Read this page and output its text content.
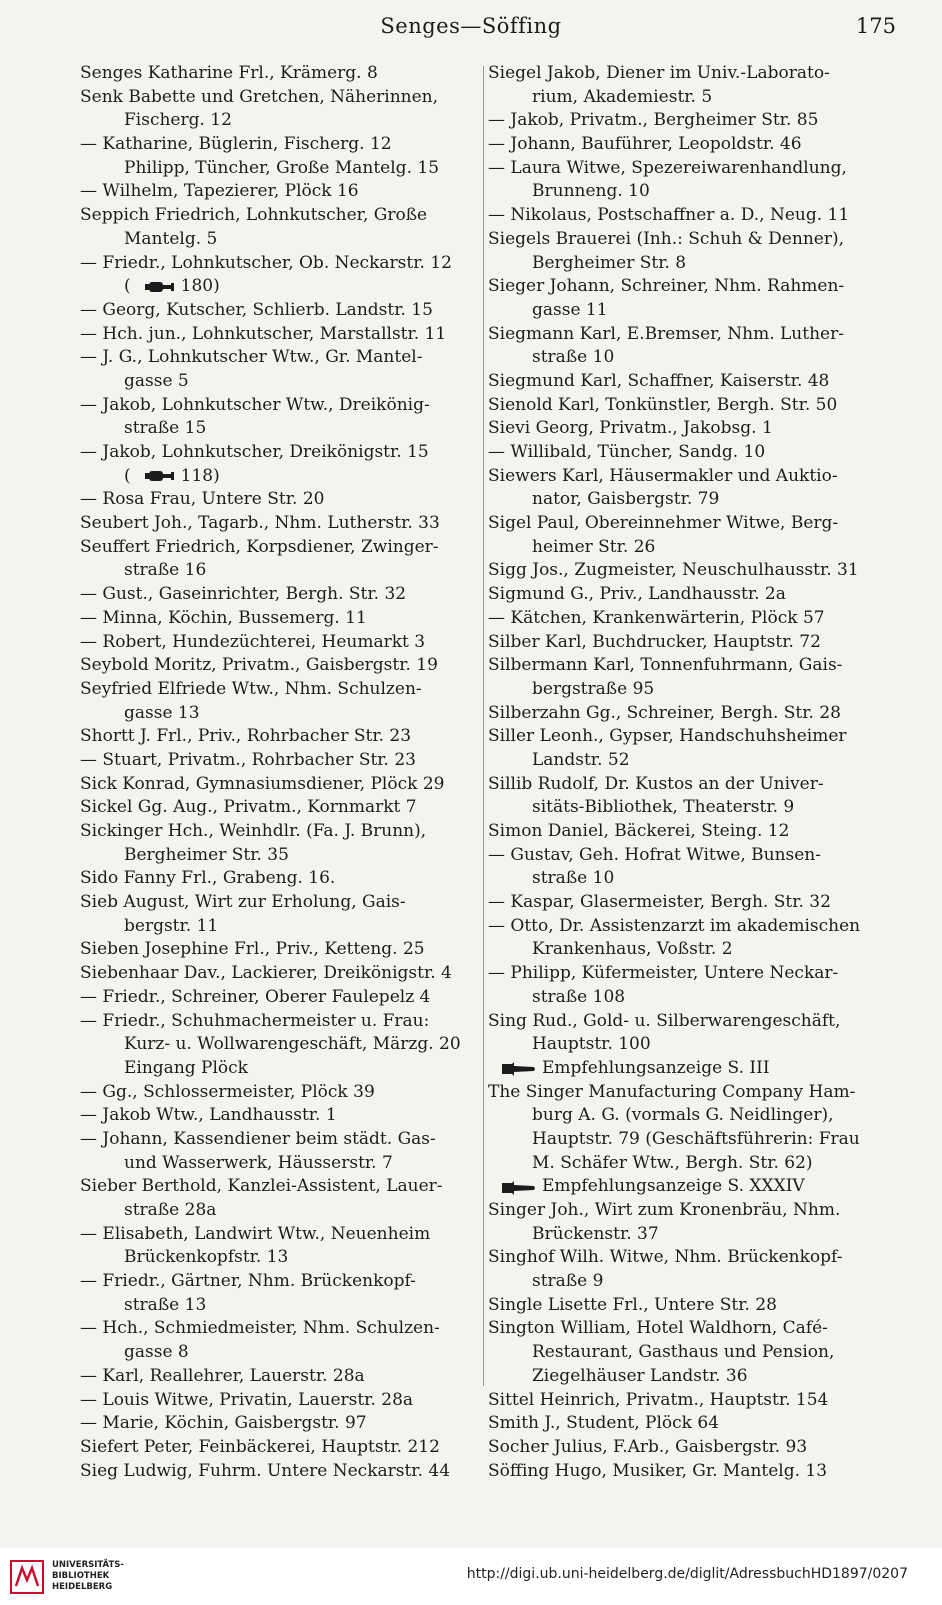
Senges—Söffing	175
Senges Katharine Frl., Krämerg. 8
Senk Babette und Gretchen, Näherinnen,
Fischerg. 12
— Katharine, Büglerin, Fischerg. 12
Philipp, Tüncher, Große Mantelg. 15
— Wilhelm, Tapezierer, Plöck 16
Seppich Friedrich, Lohnkutscher, Große
Mantelg. 5
— Friedr., Lohnkutscher, Ob. Neckarstr. 12
(	180)
— Georg, Kutscher, Schlierb. Landstr. 15
— Hch. jun., Lohnkutscher, Marstallstr. 11
— J. G., Lohnkutscher Wtw., Gr. Mantel-
gasse 5
— Jakob, Lohnkutscher Wtw., Dreikönig-
straße 15
— Jakob, Lohnkutscher, Dreikönigstr. 15
(	118)
— Rosa Frau, Untere Str. 20
Seubert Joh., Tagarb., Nhm. Lutherstr. 33
Seuffert Friedrich, Korpsdiener, Zwinger-
straße 16
— Gust., Gaseinrichter, Bergh. Str. 32
— Minna, Köchin, Bussemerg. 11
— Robert, Hundezüchterei, Heumarkt 3
Seybold Moritz, Privatm., Gaisbergstr. 19
Seyfried Elfriede Wtw., Nhm. Schulzen-
gasse 13
Shortt J. Frl., Priv., Rohrbacher Str. 23
— Stuart, Privatm., Rohrbacher Str. 23
Sick Konrad, Gymnasiumsdiener, Plöck 29
Sickel Gg. Aug., Privatm., Kornmarkt 7
Sickinger Hch., Weinhdlr. (Fa. J. Brunn),
Bergheimer Str. 35
Sido Fanny Frl., Grabeng. 16.
Sieb August, Wirt zur Erholung, Gais-
bergstr. 11
Sieben Josephine Frl., Priv., Ketteng. 25
Siebenhaar Dav., Lackierer, Dreikönigstr. 4
— Friedr., Schreiner, Oberer Faulepelz 4
— Friedr., Schuhmachermeister u. Frau:
Kurz- u. Wollwarengeschäft, Märzg. 20
Eingang Plöck
— Gg., Schlossermeister, Plöck 39
— Jakob Wtw., Landhausstr. 1
— Johann, Kassendiener beim städt. Gas-
und Wasserwerk, Häusserstr. 7
Sieber Berthold, Kanzlei-Assistent, Lauer-
straße 28a
— Elisabeth, Landwirt Wtw., Neuenheim
Brückenkopfstr. 13
— Friedr., Gärtner, Nhm. Brückenkopf-
straße 13
— Hch., Schmiedmeister, Nhm. Schulzen-
gasse 8
— Karl, Reallehrer, Lauerstr. 28a
— Louis Witwe, Privatin, Lauerstr. 28a
— Marie, Köchin, Gaisbergstr. 97
Siefert Peter, Feinbäckerei, Hauptstr. 212
Sieg Ludwig, Fuhrm. Untere Neckarstr. 44
Siegel Jakob, Diener im Univ.-Laborato-
rium, Akademiestr. 5
— Jakob, Privatm., Bergheimer Str. 85
— Johann, Bauführer, Leopoldstr. 46
— Laura Witwe, Spezereiwarenhandlung,
Brunneng. 10
— Nikolaus, Postschaffner a. D., Neug. 11
Siegels Brauerei (Inh.: Schuh & Denner),
Bergheimer Str. 8
Sieger Johann, Schreiner, Nhm. Rahmen-
gasse 11
Siegmann Karl, E.Bremser, Nhm. Luther-
straße 10
Siegmund Karl, Schaffner, Kaiserstr. 48
Sienold Karl, Tonkünstler, Bergh. Str. 50
Sievi Georg, Privatm., Jakobsg. 1
— Willibald, Tüncher, Sandg. 10
Siewers Karl, Häusermakler und Auktio-
nator, Gaisbergstr. 79
Sigel Paul, Obereinnehmer Witwe, Berg-
heimer Str. 26
Sigg Jos., Zugmeister, Neuschulhausstr. 31
Sigmund G., Priv., Landhausstr. 2a
— Kätchen, Krankenwärterin, Plöck 57
Silber Karl, Buchdrucker, Hauptstr. 72
Silbermann Karl, Tonnenfuhrmann, Gais-
bergstraße 95
Silberzahn Gg., Schreiner, Bergh. Str. 28
Siller Leonh., Gypser, Handschuhsheimer
Landstr. 52
Sillib Rudolf, Dr. Kustos an der Univer-
sitäts-Bibliothek, Theaterstr. 9
Simon Daniel, Bäckerei, Steing. 12
— Gustav, Geh. Hofrat Witwe, Bunsen-
straße 10
— Kaspar, Glasermeister, Bergh. Str. 32
— Otto, Dr. Assistenzarzt im akademischen
Krankenhaus, Voßstr. 2
— Philipp, Küfermeister, Untere Neckar-
straße 108
Sing Rud., Gold- u. Silberwarengeschäft,
Hauptstr. 100
Empfehlungsanzeige S. III
The Singer Manufacturing Company Ham-
burg A. G. (vormals G. Neidlinger),
Hauptstr. 79 (Geschäftsführerin: Frau
M. Schäfer Wtw., Bergh. Str. 62)
Empfehlungsanzeige S. XXXIV
Singer Joh., Wirt zum Kronenbräu, Nhm.
Brückenstr. 37
Singhof Wilh. Witwe, Nhm. Brückenkopf-
straße 9
Single Lisette Frl., Untere Str. 28
Sington William, Hotel Waldhorn, Café-
Restaurant, Gasthaus und Pension,
Ziegelhäuser Landstr. 36
Sittel Heinrich, Privatm., Hauptstr. 154
Smith J., Student, Plöck 64
Socher Julius, F.Arb., Gaisbergstr. 93
Söffing Hugo, Musiker, Gr. Mantelg. 13
UNIVERSITÄTS-
BIBLIOTHEK
HEIDELBERG
http://digi.ub.uni-heidelberg.de/diglit/AdressbuchHD1897/0207
